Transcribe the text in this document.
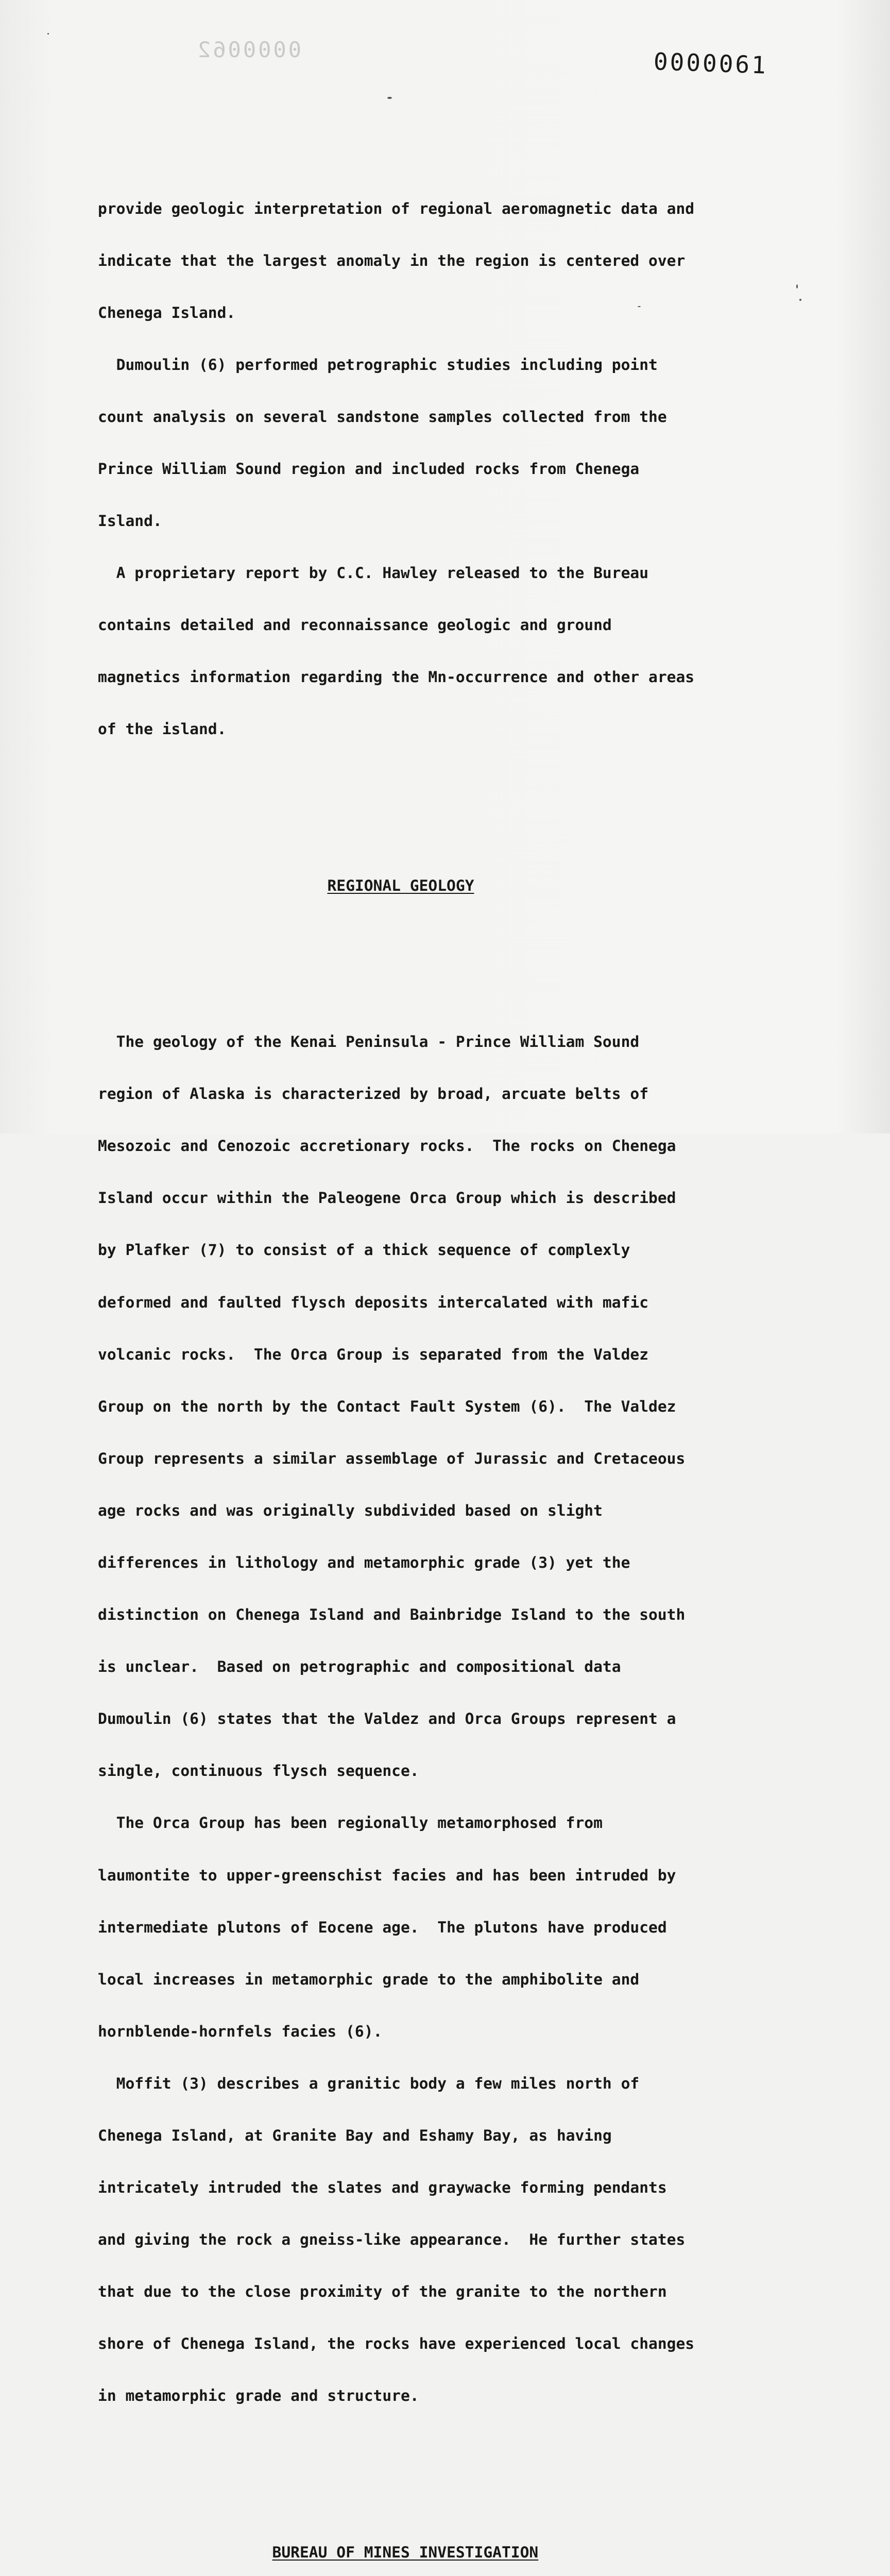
0000062	0000061

provide geologic interpretation of regional aeromagnetic data and

indicate that the largest anomaly in the region is centered over

Chenega Island.

Dumoulin (6) performed petrographic studies including point

count analysis on several sandstone samples collected from the

Prince William Sound region and included rocks from Chenega

Island.

A proprietary report by C.C. Hawley released to the Bureau

contains detailed and reconnaissance geologic and ground

magnetics information regarding the Mn-occurrence and other areas

of the island.

REGIONAL GEOLOGY

The geology of the Kenai Peninsula - Prince William Sound

region of Alaska is characterized by broad, arcuate belts of

Mesozoic and Cenozoic accretionary rocks.  The rocks on Chenega

Island occur within the Paleogene Orca Group which is described

by Plafker (7) to consist of a thick sequence of complexly

deformed and faulted flysch deposits intercalated with mafic

volcanic rocks.  The Orca Group is separated from the Valdez

Group on the north by the Contact Fault System (6).  The Valdez

Group represents a similar assemblage of Jurassic and Cretaceous

age rocks and was originally subdivided based on slight

differences in lithology and metamorphic grade (3) yet the

distinction on Chenega Island and Bainbridge Island to the south

is unclear.  Based on petrographic and compositional data

Dumoulin (6) states that the Valdez and Orca Groups represent a

single, continuous flysch sequence.

The Orca Group has been regionally metamorphosed from

laumontite to upper-greenschist facies and has been intruded by

intermediate plutons of Eocene age.  The plutons have produced

local increases in metamorphic grade to the amphibolite and

hornblende-hornfels facies (6).

Moffit (3) describes a granitic body a few miles north of

Chenega Island, at Granite Bay and Eshamy Bay, as having

intricately intruded the slates and graywacke forming pendants

and giving the rock a gneiss-like appearance.  He further states

that due to the close proximity of the granite to the northern

shore of Chenega Island, the rocks have experienced local changes

in metamorphic grade and structure.

BUREAU OF MINES INVESTIGATION
